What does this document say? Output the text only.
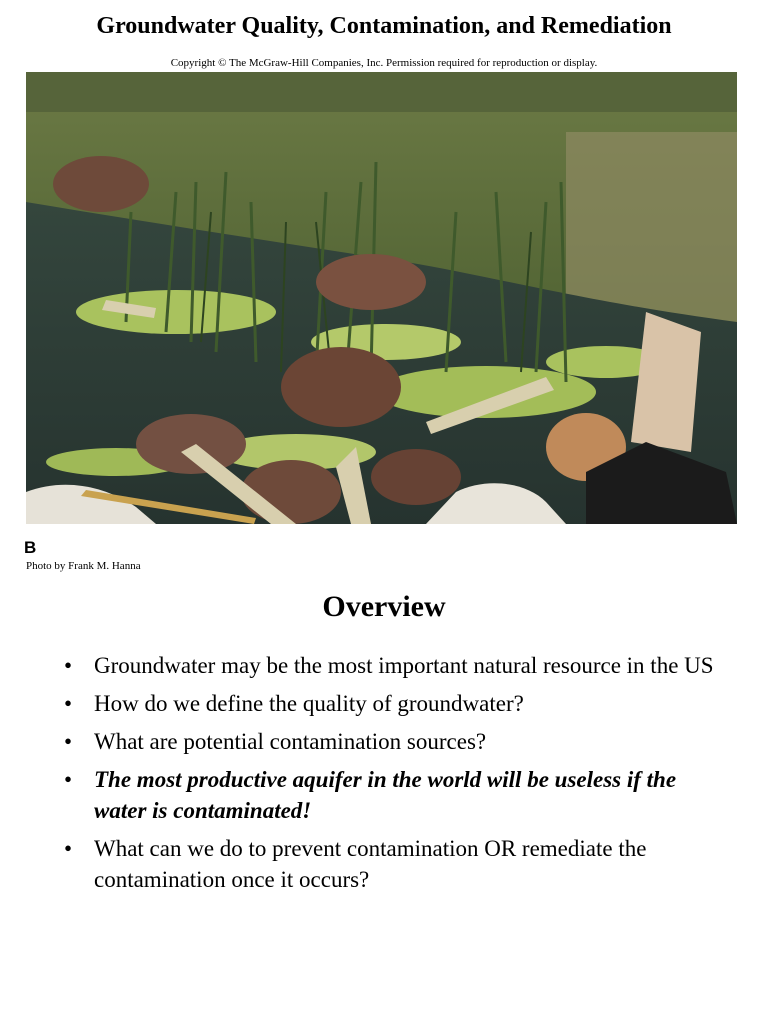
Groundwater Quality, Contamination, and Remediation
Copyright © The McGraw-Hill Companies, Inc. Permission required for reproduction or display.
B
Photo by Frank M. Hanna
Overview
• Groundwater may be the most important natural resource in the US
• How do we define the quality of groundwater?
• What are potential contamination sources?
• The most productive aquifer in the world will be useless if the water is contaminated!
• What can we do to prevent contamination OR remediate the contamination once it occurs?
